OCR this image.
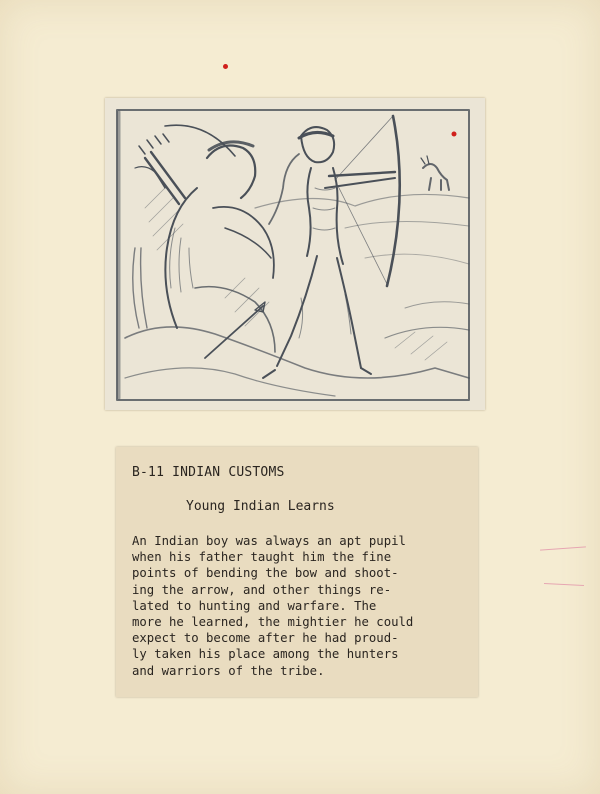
B-11 INDIAN CUSTOMS
Young Indian Learns
An Indian boy was always an apt pupil
when his father taught him the fine
points of bending the bow and shoot-
ing the arrow, and other things re-
lated to hunting and warfare. The
more he learned, the mightier he could
expect to become after he had proud-
ly taken his place among the hunters
and warriors of the tribe.
